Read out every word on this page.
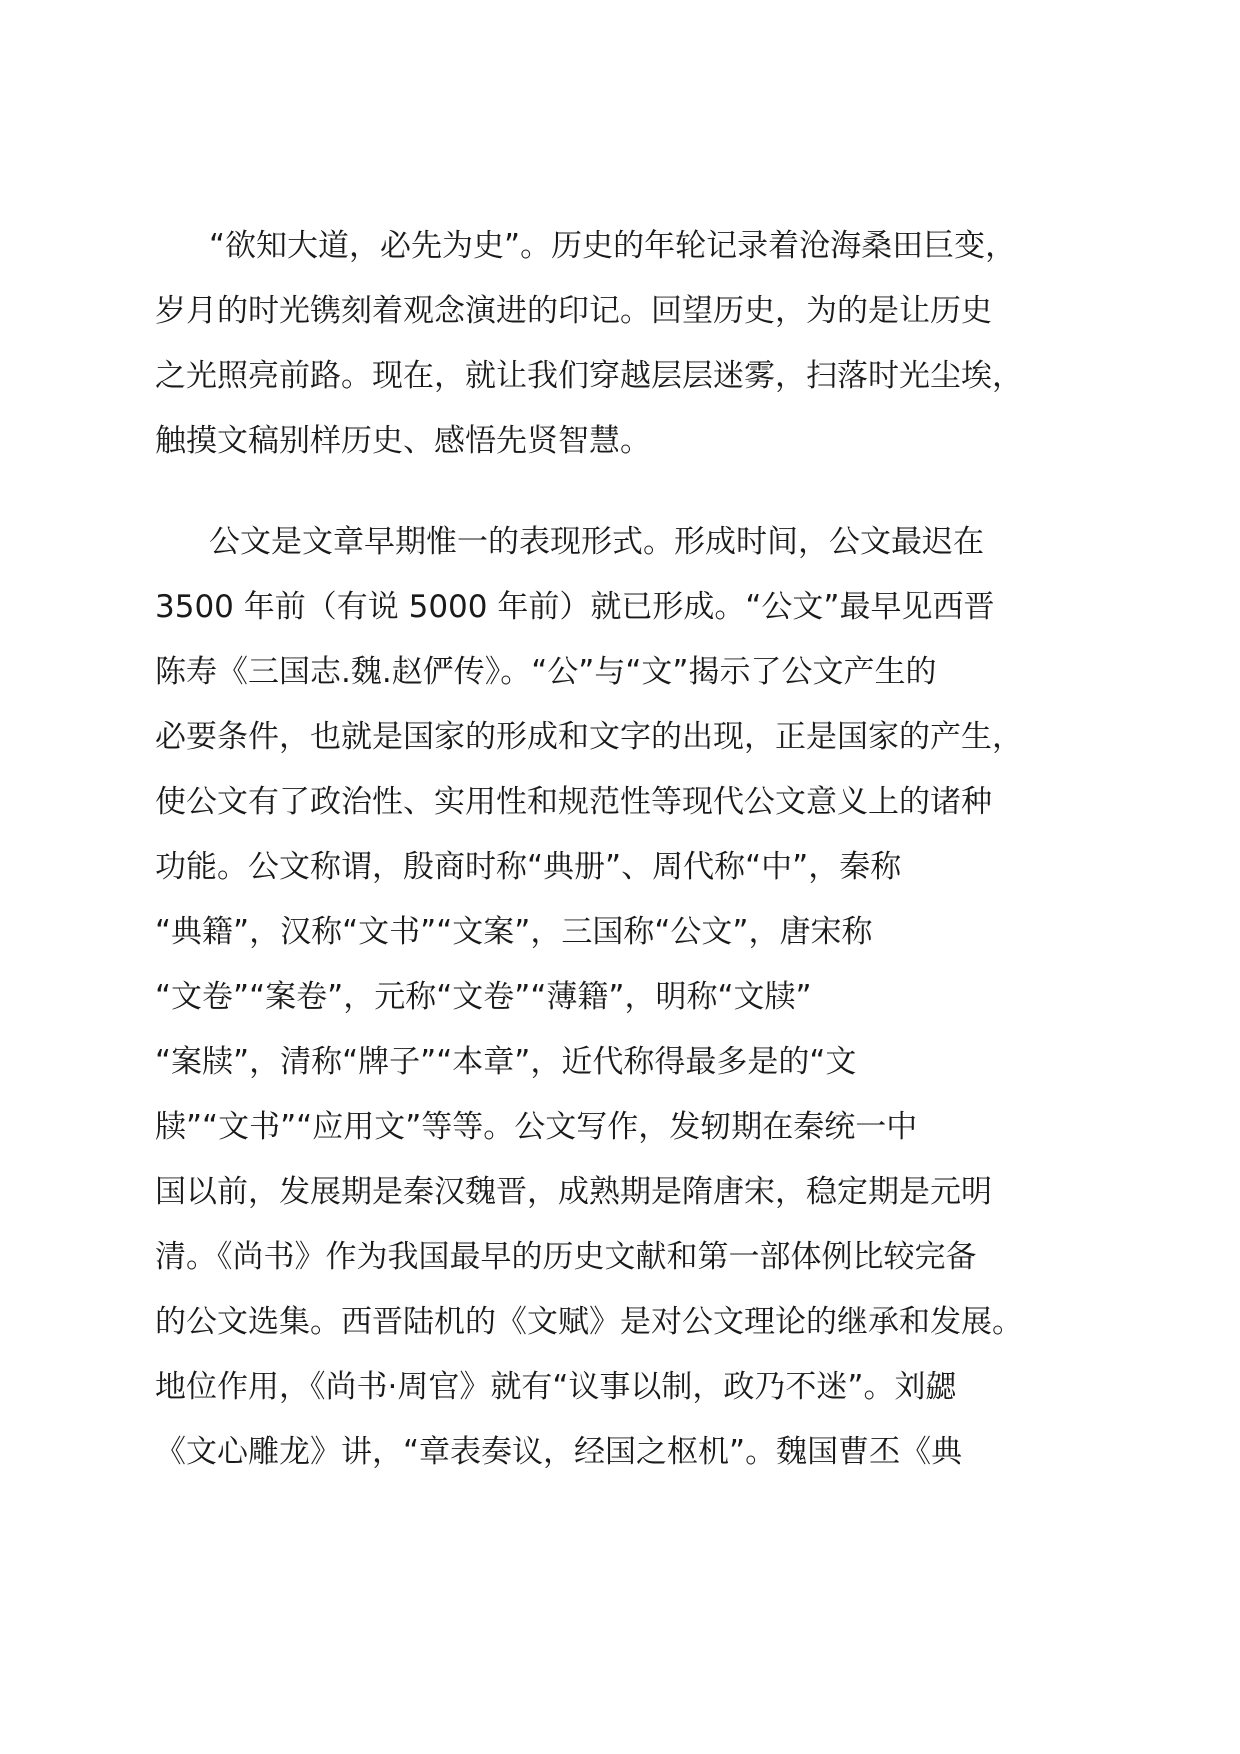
“欲知大道，必先为史”。历史的年轮记录着沧海桑田巨变，
岁月的时光镌刻着观念演进的印记。回望历史，为的是让历史
之光照亮前路。现在，就让我们穿越层层迷雾，扫落时光尘埃，
触摸文稿别样历史、感悟先贤智慧。
公文是文章早期惟一的表现形式。形成时间，公文最迟在
3500 年前（有说 5000 年前）就已形成。“公文”最早见西晋
陈寿《三国志.魏.赵俨传》。“公”与“文”揭示了公文产生的
必要条件，也就是国家的形成和文字的出现，正是国家的产生，
使公文有了政治性、实用性和规范性等现代公文意义上的诸种
功能。公文称谓，殷商时称“典册”、周代称“中”，秦称
“典籍”，汉称“文书”“文案”，三国称“公文”，唐宋称
“文卷”“案卷”，元称“文卷”“薄籍”，明称“文牍”
“案牍”，清称“牌子”“本章”，近代称得最多是的“文
牍”“文书”“应用文”等等。公文写作，发轫期在秦统一中
国以前，发展期是秦汉魏晋，成熟期是隋唐宋，稳定期是元明
清。《尚书》作为我国最早的历史文献和第一部体例比较完备
的公文选集。西晋陆机的《文赋》是对公文理论的继承和发展。
地位作用，《尚书·周官》就有“议事以制，政乃不迷”。刘勰
《文心雕龙》讲，“章表奏议，经国之枢机”。魏国曹丕《典
